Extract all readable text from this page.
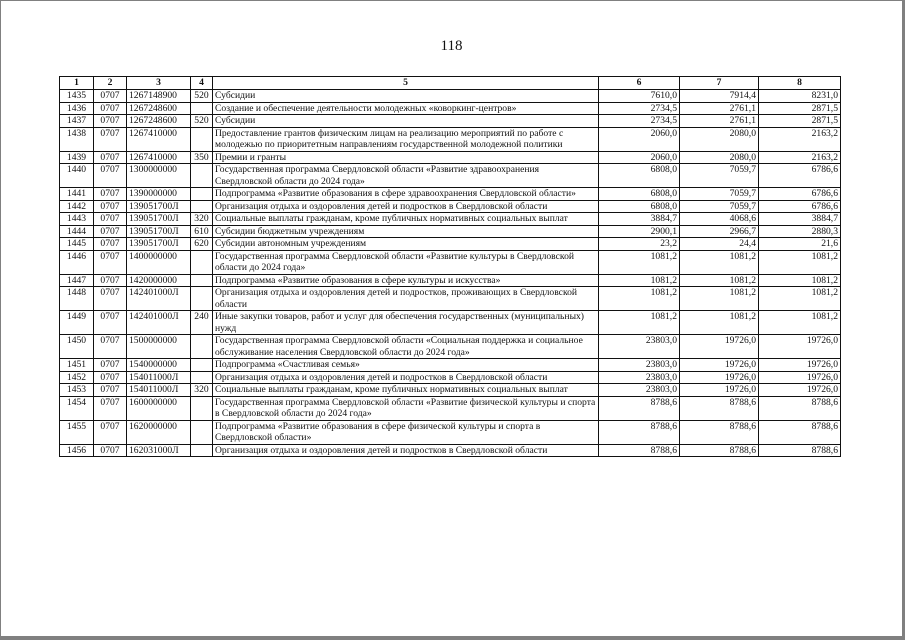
118
1	2	3	4	5	6	7	8
1435	0707	1267148900	520	Субсидии	7610,0	7914,4	8231,0
1436	0707	1267248600		Создание и обеспечение деятельности молодежных «коворкинг-центров»	2734,5	2761,1	2871,5
1437	0707	1267248600	520	Субсидии	2734,5	2761,1	2871,5
1438	0707	1267410000		Предоставление грантов физическим лицам на реализацию мероприятий по работе с молодежью по приоритетным направлениям государственной молодежной политики	2060,0	2080,0	2163,2
1439	0707	1267410000	350	Премии и гранты	2060,0	2080,0	2163,2
1440	0707	1300000000		Государственная программа Свердловской области «Развитие здравоохранения Свердловской области до 2024 года»	6808,0	7059,7	6786,6
1441	0707	1390000000		Подпрограмма «Развитие образования в сфере здравоохранения Свердловской области»	6808,0	7059,7	6786,6
1442	0707	139051700Л		Организация отдыха и оздоровления детей и подростков в Свердловской области	6808,0	7059,7	6786,6
1443	0707	139051700Л	320	Социальные выплаты гражданам, кроме публичных нормативных социальных выплат	3884,7	4068,6	3884,7
1444	0707	139051700Л	610	Субсидии бюджетным учреждениям	2900,1	2966,7	2880,3
1445	0707	139051700Л	620	Субсидии автономным учреждениям	23,2	24,4	21,6
1446	0707	1400000000		Государственная программа Свердловской области «Развитие культуры в Свердловской области до 2024 года»	1081,2	1081,2	1081,2
1447	0707	1420000000		Подпрограмма «Развитие образования в сфере культуры и искусства»	1081,2	1081,2	1081,2
1448	0707	142401000Л		Организация отдыха и оздоровления детей и подростков, проживающих в Свердловской области	1081,2	1081,2	1081,2
1449	0707	142401000Л	240	Иные закупки товаров, работ и услуг для обеспечения государственных (муниципальных) нужд	1081,2	1081,2	1081,2
1450	0707	1500000000		Государственная программа Свердловской области «Социальная поддержка и социальное обслуживание населения Свердловской области до 2024 года»	23803,0	19726,0	19726,0
1451	0707	1540000000		Подпрограмма «Счастливая семья»	23803,0	19726,0	19726,0
1452	0707	154011000Л		Организация отдыха и оздоровления детей и подростков в Свердловской области	23803,0	19726,0	19726,0
1453	0707	154011000Л	320	Социальные выплаты гражданам, кроме публичных нормативных социальных выплат	23803,0	19726,0	19726,0
1454	0707	1600000000		Государственная программа Свердловской области «Развитие физической культуры и спорта в Свердловской области до 2024 года»	8788,6	8788,6	8788,6
1455	0707	1620000000		Подпрограмма «Развитие образования в сфере физической культуры и спорта в Свердловской области»	8788,6	8788,6	8788,6
1456	0707	162031000Л		Организация отдыха и оздоровления детей и подростков в Свердловской области	8788,6	8788,6	8788,6
